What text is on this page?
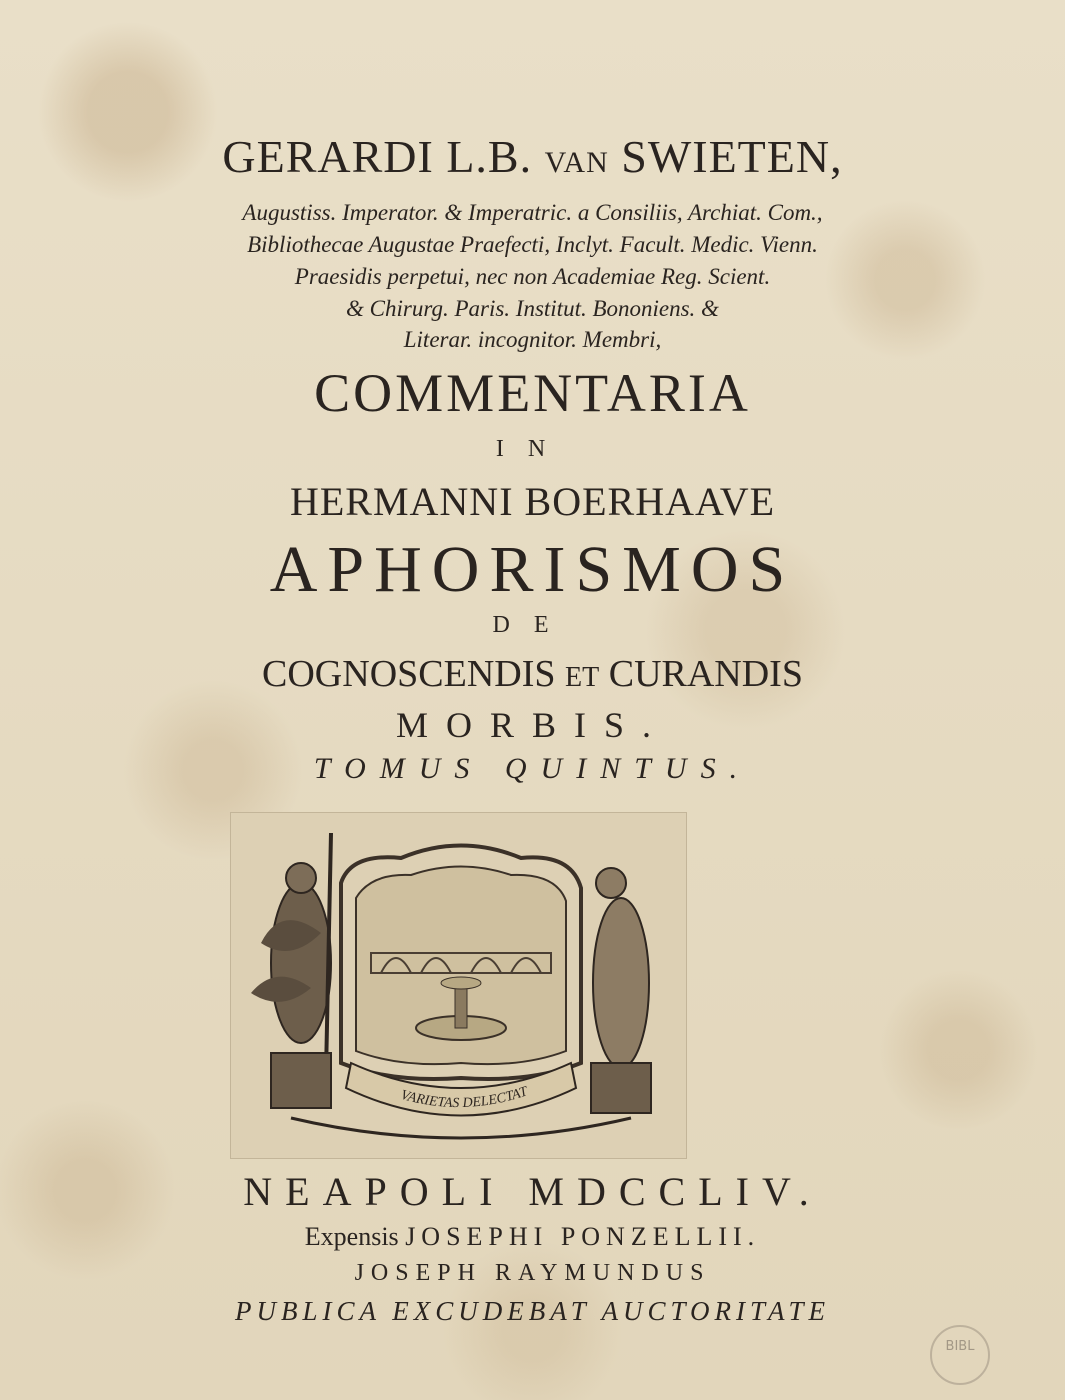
GERARDI L.B. VAN SWIETEN,
Augustiss. Imperator. & Imperatric. a Consiliis, Archiat. Com.,
Bibliothecae Augustae Praefecti, Inclyt. Facult. Medic. Vienn.
Praesidis perpetui, nec non Academiae Reg. Scient.
& Chirurg. Paris. Institut. Bononiens. &
Literar. incognitor. Membri,
COMMENTARIA
IN
HERMANNI BOERHAAVE
APHORISMOS
DE
COGNOSCENDIS ET CURANDIS
MORBIS.
TOMUS QUINTUS.
VARIETAS DELECTAT
NEAPOLI MDCCLIV.
Expensis JOSEPHI PONZELLII.
JOSEPH RAYMUNDUS
PUBLICA EXCUDEBAT AUCTORITATE
BIBL
